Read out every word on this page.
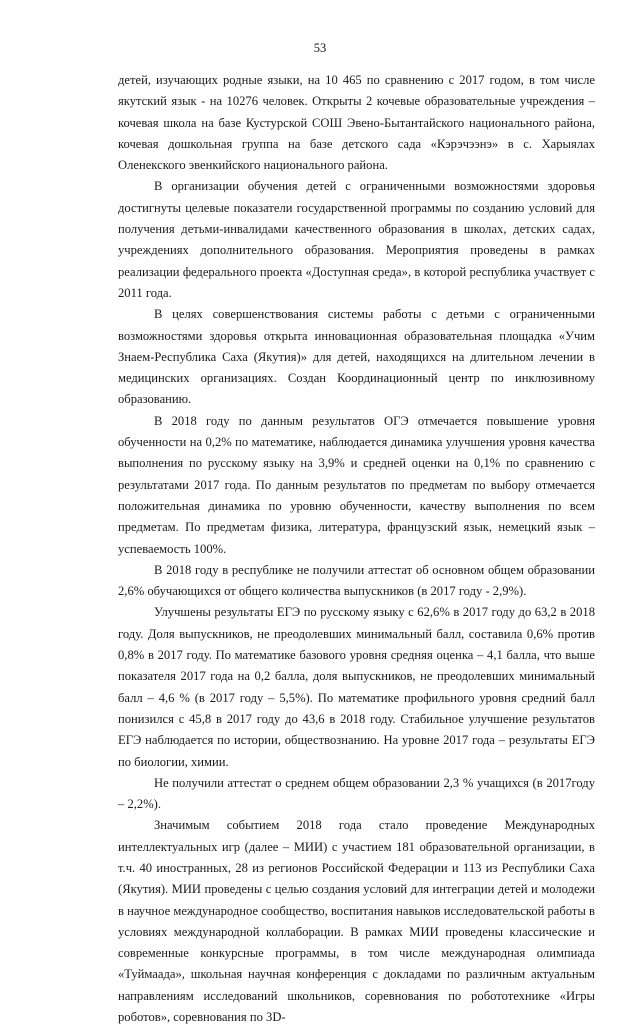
53

детей, изучающих родные языки, на 10 465 по сравнению с 2017 годом, в том числе якутский язык - на 10276 человек. Открыты 2 кочевые образовательные учреждения – кочевая школа на базе Кустурской СОШ Эвено-Бытантайского национального района, кочевая дошкольная группа на базе детского сада «Кэрэчээнэ» в с. Харыялах Оленекского эвенкийского национального района.

В организации обучения детей с ограниченными возможностями здоровья достигнуты целевые показатели государственной программы по созданию условий для получения детьми-инвалидами качественного образования в школах, детских садах, учреждениях дополнительного образования. Мероприятия проведены в рамках реализации федерального проекта «Доступная среда», в которой республика участвует с 2011 года.

В целях совершенствования системы работы с детьми с ограниченными возможностями здоровья открыта инновационная образовательная площадка «Учим Знаем-Республика Саха (Якутия)» для детей, находящихся на длительном лечении в медицинских организациях. Создан Координационный центр по инклюзивному образованию.

В 2018 году по данным результатов ОГЭ отмечается повышение уровня обученности на 0,2% по математике, наблюдается динамика улучшения уровня качества выполнения по русскому языку на 3,9% и средней оценки на 0,1% по сравнению с результатами 2017 года. По данным результатов по предметам по выбору отмечается положительная динамика по уровню обученности, качеству выполнения по всем предметам. По предметам физика, литература, французский язык, немецкий язык – успеваемость 100%.

В 2018 году в республике не получили аттестат об основном общем образовании 2,6% обучающихся от общего количества выпускников (в 2017 году - 2,9%).

Улучшены результаты ЕГЭ по русскому языку с 62,6% в 2017 году до 63,2 в 2018 году. Доля выпускников, не преодолевших минимальный балл, составила 0,6% против 0,8% в 2017 году. По математике базового уровня средняя оценка – 4,1 балла, что выше показателя 2017 года на 0,2 балла, доля выпускников, не преодолевших минимальный балл – 4,6 % (в 2017 году – 5,5%). По математике профильного уровня средний балл понизился с 45,8 в 2017 году до 43,6 в 2018 году. Стабильное улучшение результатов ЕГЭ наблюдается по истории, обществознанию. На уровне 2017 года – результаты ЕГЭ по биологии, химии.

Не получили аттестат о среднем общем образовании 2,3 % учащихся (в 2017году – 2,2%).

Значимым событием 2018 года стало проведение Международных интеллектуальных игр (далее – МИИ) с участием 181 образовательной организации, в т.ч. 40 иностранных, 28 из регионов Российской Федерации и 113 из Республики Саха (Якутия). МИИ проведены с целью создания условий для интеграции детей и молодежи в научное международное сообщество, воспитания навыков исследовательской работы в условиях международной коллаборации. В рамках МИИ проведены классические и современные конкурсные программы, в том числе международная олимпиада «Туймаада», школьная научная конференция с докладами по различным актуальным направлениям исследований школьников, соревнования по робототехнике «Игры роботов», соревнования по 3D-
